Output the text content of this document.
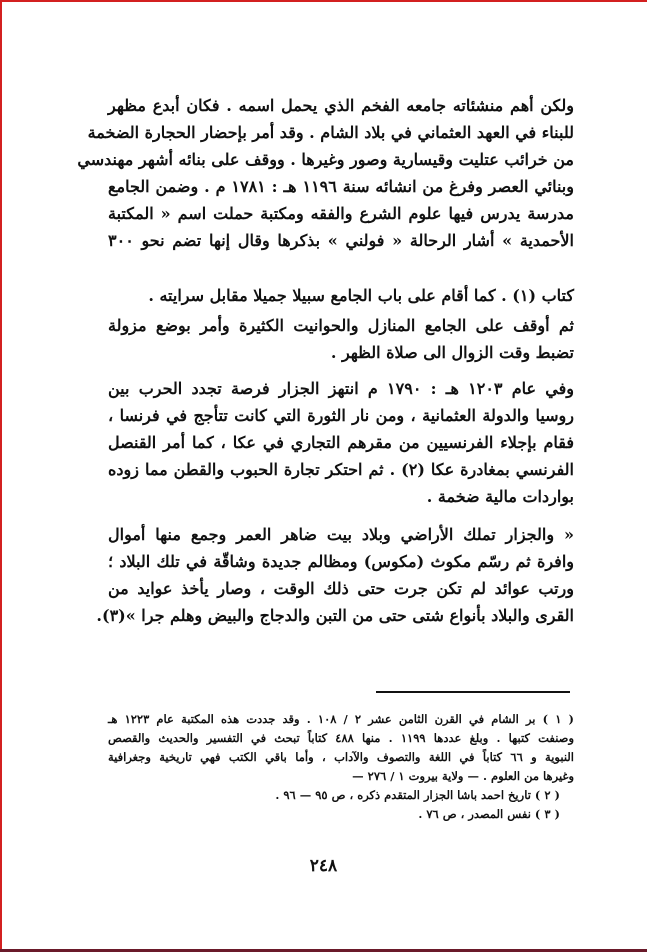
ولكن أهم منشئاته جامعه الفخم الذي يحمل اسمه . فكان أبدع مظهر
للبناء في العهد العثماني في بلاد الشام . وقد أمر بإحضار الحجارة الضخمة
من خرائب عتليت وقيسارية وصور وغيرها . ووقف على بنائه أشهر مهندسي
وبنائي العصر وفرغ من انشائه سنة ١١٩٦ هـ : ١٧٨١ م . وضمن الجامع
مدرسة يدرس فيها علوم الشرع والفقه ومكتبة حملت اسم « المكتبة
الأحمدية » أشار الرحالة « فولني » بذكرها وقال إنها تضم نحو ٣٠٠
كتاب (١) . كما أقام على باب الجامع سبيلا جميلا مقابل سرايته .
ثم أوقف على الجامع المنازل والحوانيت الكثيرة وأمر بوضع مزولة
تضبط وقت الزوال الى صلاة الظهر .
وفي عام ١٢٠٣ هـ : ١٧٩٠ م انتهز الجزار فرصة تجدد الحرب بين
روسيا والدولة العثمانية ، ومن نار الثورة التي كانت تتأجج في فرنسا ،
فقام بإجلاء الفرنسيين من مقرهم التجاري في عكا ، كما أمر القنصل
الفرنسي بمغادرة عكا (٢) . ثم احتكر تجارة الحبوب والقطن مما زوده
بواردات مالية ضخمة .
« والجزار تملك الأراضي وبلاد بيت ضاهر العمر وجمع منها أموال
وافرة ثم رسّم مكوث (مكوس) ومظالم جديدة وشاقّة في تلك البلاد ؛
ورتب عوائد لم تكن جرت حتى ذلك الوقت ، وصار يأخذ عوايد من
القرى والبلاد بأنواع شتى حتى من التبن والدجاج والبيض وهلم جرا »(٣).
( ١ ) بر الشام في القرن الثامن عشر ٢ / ١٠٨ . وقد جددت هذه المكتبة عام ١٢٢٣ هـ
وصنفت كتبها . وبلغ عددها ١١٩٩ . منها ٤٨٨ كتاباً تبحث في التفسير والحديث والقصص
النبوية و ٦٦ كتاباً في اللغة والتصوف والآداب ، وأما باقي الكتب فهي تاريخية وجغرافية
وغيرها من العلوم . — ولاية بيروت ١ / ٢٧٦ —
( ٢ ) تاريخ احمد باشا الجزار المتقدم ذكره ، ص ٩٥ — ٩٦ .
( ٣ ) نفس المصدر ، ص ٧٦ .
٢٤٨
